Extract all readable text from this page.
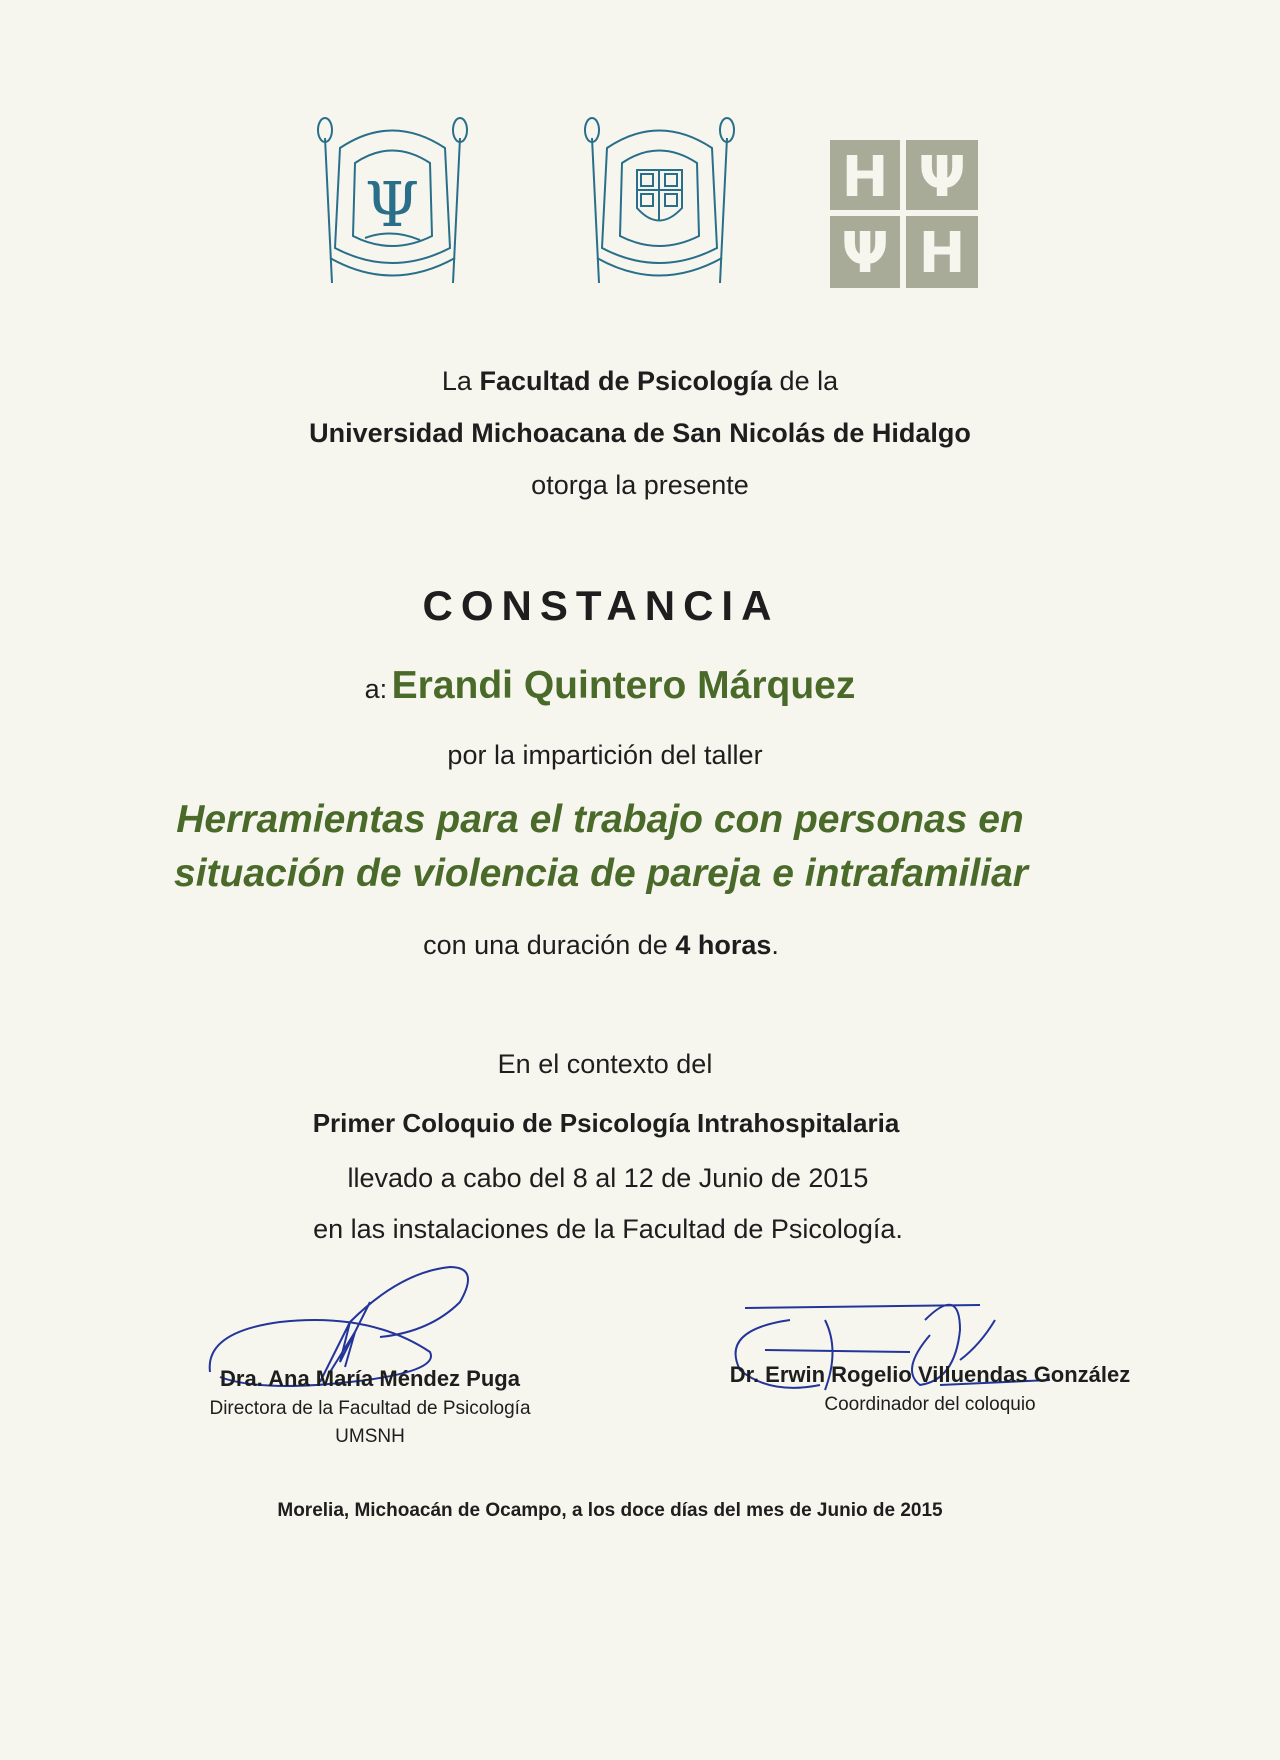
Ψ	H Ψ
Ψ H
La Facultad de Psicología de la
Universidad Michoacana de San Nicolás de Hidalgo
otorga la presente
CONSTANCIA
a: Erandi Quintero Márquez
por la impartición del taller
Herramientas para el trabajo con personas en
situación de violencia de pareja e intrafamiliar
con una duración de 4 horas.
En el contexto del
Primer Coloquio de Psicología Intrahospitalaria
llevado a cabo del 8 al 12 de Junio de 2015
en las instalaciones de la Facultad de Psicología.
Dra. Ana María Méndez Puga
Directora de la Facultad de Psicología
UMSNH
Dr. Erwin Rogelio Villuendas González
Coordinador del coloquio
Morelia, Michoacán de Ocampo, a los doce días del mes de Junio de 2015
